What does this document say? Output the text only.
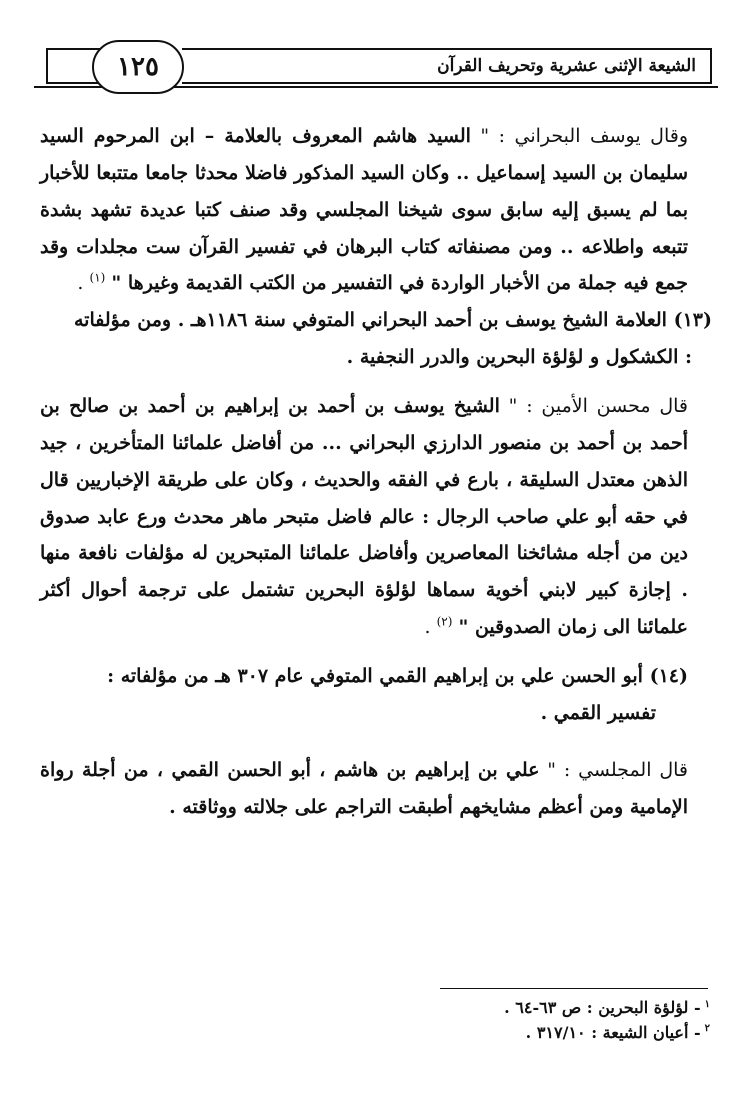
الشيعة الإثنى عشرية وتحريف القرآن
١٢٥

وقال يوسف البحراني : " السيد هاشم المعروف بالعلامة – ابن المرحوم السيد سليمان بن السيد إسماعيل .. وكان السيد المذكور فاضلا محدثا جامعا متتبعا للأخبار بما لم يسبق إليه سابق سوى شيخنا المجلسي وقد صنف كتبا عديدة تشهد بشدة تتبعه واطلاعه .. ومن مصنفاته كتاب البرهان في تفسير القرآن ست مجلدات وقد جمع فيه جملة من الأخبار الواردة في التفسير من الكتب القديمة وغيرها " $^{(١)}$ .

(١٣) العلامة الشيخ يوسف بن أحمد البحراني المتوفي سنة ١١٨٦هـ . ومن مؤلفاته

: الكشكول و لؤلؤة البحرين والدرر النجفية .

قال محسن الأمين : " الشيخ يوسف بن أحمد بن إبراهيم بن أحمد بن صالح بن أحمد بن أحمد بن منصور الدارزي البحراني ... من أفاضل علمائنا المتأخرين ، جيد الذهن معتدل السليقة ، بارع في الفقه والحديث ، وكان على طريقة الإخباريين قال في حقه أبو علي صاحب الرجال : عالم فاضل متبحر ماهر محدث ورع عابد صدوق دين من أجله مشائخنا المعاصرين وأفاضل علمائنا المتبحرين له مؤلفات نافعة منها . إجازة كبير لابني أخوية سماها لؤلؤة البحرين تشتمل على ترجمة أحوال أكثر علمائنا الى زمان الصدوقين " $^{(٢)}$ .

(١٤) أبو الحسن علي بن إبراهيم القمي المتوفي عام ٣٠٧ هـ من مؤلفاته :

تفسير القمي .

قال المجلسي : " علي بن إبراهيم بن هاشم ، أبو الحسن القمي ، من أجلة رواة الإمامية ومن أعظم مشايخهم أطبقت التراجم على جلالته ووثاقته .

$^١$- لؤلؤة البحرين : ص ٦٣-٦٤ .
$^٢$- أعيان الشيعة : ٣١٧/١٠ .
